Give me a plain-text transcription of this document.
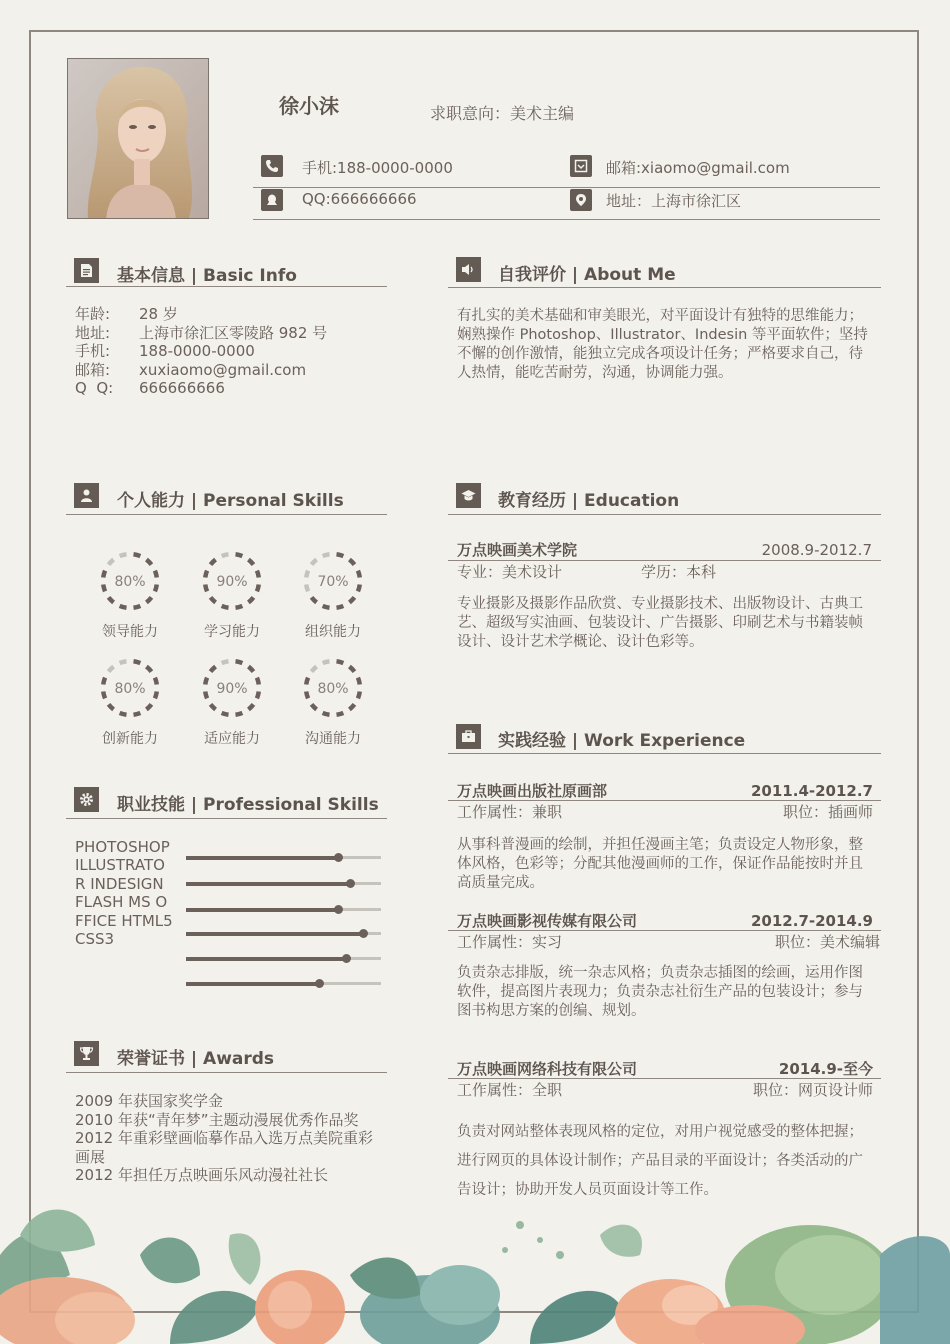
徐小沫	求职意向：美术主编
手机:188-0000-0000	邮箱:xiaomo@gmail.com
QQ:666666666	地址：上海市徐汇区
基本信息 | Basic Info
年龄:	28 岁
地址:	上海市徐汇区零陵路 982 号
手机:	188-0000-0000
邮箱:	xuxiaomo@gmail.com
Q  Q:	666666666
自我评价 | About Me
有扎实的美术基础和审美眼光，对平面设计有独特的思维能力；娴熟操作 Photoshop、Illustrator、Indesin 等平面软件；坚持不懈的创作激情，能独立完成各项设计任务；严格要求自己，待人热情，能吃苦耐劳，沟通，协调能力强。
个人能力 | Personal Skills
80%
领导能力
90%
学习能力
70%
组织能力
80%
创新能力
90%
适应能力
80%
沟通能力
职业技能 | Professional Skills
PHOTOSHOP ILLUSTRATOR INDESIGN FLASH MS OFFICE HTML5 CSS3
荣誉证书 | Awards
2009 年获国家奖学金
2010 年获“青年梦”主题动漫展优秀作品奖
2012 年重彩壁画临摹作品入选万点美院重彩画展
2012 年担任万点映画乐风动漫社社长
教育经历 | Education
万点映画美术学院	2008.9-2012.7
专业：美术设计	学历：本科
专业摄影及摄影作品欣赏、专业摄影技术、出版物设计、古典工艺、超级写实油画、包装设计、广告摄影、印刷艺术与书籍装帧设计、设计艺术学概论、设计色彩等。
实践经验 | Work Experience
万点映画出版社原画部	2011.4-2012.7
工作属性：兼职	职位：插画师
从事科普漫画的绘制，并担任漫画主笔；负责设定人物形象，整体风格，色彩等；分配其他漫画师的工作，保证作品能按时并且高质量完成。
万点映画影视传媒有限公司	2012.7-2014.9
工作属性：实习	职位：美术编辑
负责杂志排版，统一杂志风格；负责杂志插图的绘画，运用作图软件，提高图片表现力；负责杂志社衍生产品的包装设计；参与图书构思方案的创编、规划。
万点映画网络科技有限公司	2014.9-至今
工作属性：全职	职位：网页设计师
负责对网站整体表现风格的定位，对用户视觉感受的整体把握；进行网页的具体设计制作；产品目录的平面设计；各类活动的广告设计；协助开发人员页面设计等工作。
